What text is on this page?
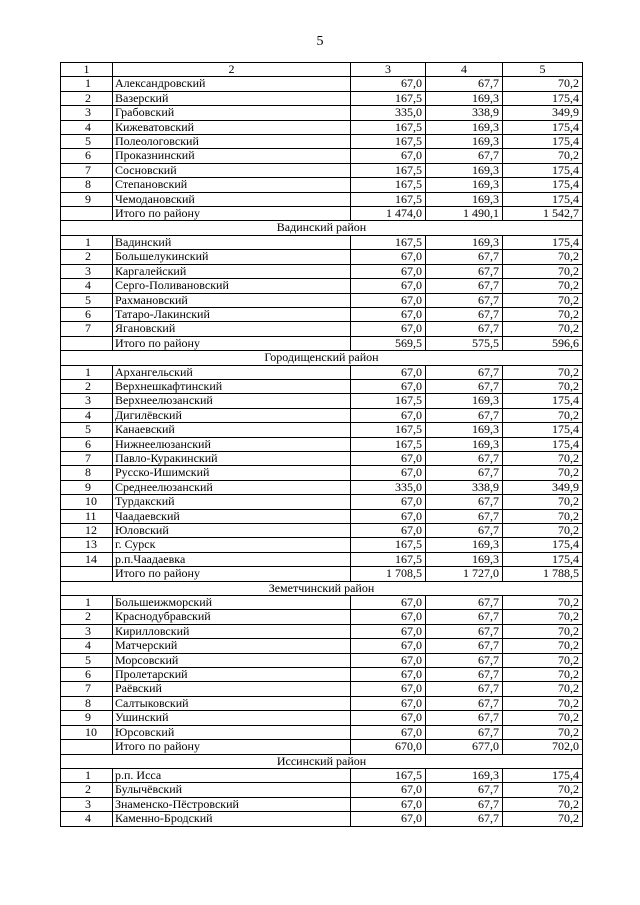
5
1	2	3	4	5
1	Александровский	67,0	67,7	70,2
2	Вазерский	167,5	169,3	175,4
3	Грабовский	335,0	338,9	349,9
4	Кижеватовский	167,5	169,3	175,4
5	Полеологовский	167,5	169,3	175,4
6	Проказнинский	67,0	67,7	70,2
7	Сосновский	167,5	169,3	175,4
8	Степановский	167,5	169,3	175,4
9	Чемодановский	167,5	169,3	175,4
	Итого по району	1 474,0	1 490,1	1 542,7
Вадинский район				
1	Вадинский	167,5	169,3	175,4
2	Большелукинский	67,0	67,7	70,2
3	Каргалейский	67,0	67,7	70,2
4	Серго-Поливановский	67,0	67,7	70,2
5	Рахмановский	67,0	67,7	70,2
6	Татаро-Лакинский	67,0	67,7	70,2
7	Ягановский	67,0	67,7	70,2
	Итого по району	569,5	575,5	596,6
Городищенский район				
1	Архангельский	67,0	67,7	70,2
2	Верхнешкафтинский	67,0	67,7	70,2
3	Верхнеелюзанский	167,5	169,3	175,4
4	Дигилёвский	67,0	67,7	70,2
5	Канаевский	167,5	169,3	175,4
6	Нижнеелюзанский	167,5	169,3	175,4
7	Павло-Куракинский	67,0	67,7	70,2
8	Русско-Ишимский	67,0	67,7	70,2
9	Среднеелюзанский	335,0	338,9	349,9
10	Турдакский	67,0	67,7	70,2
11	Чаадаевский	67,0	67,7	70,2
12	Юловский	67,0	67,7	70,2
13	г. Сурск	167,5	169,3	175,4
14	р.п.Чаадаевка	167,5	169,3	175,4
	Итого по району	1 708,5	1 727,0	1 788,5
Земетчинский район				
1	Большеижморский	67,0	67,7	70,2
2	Краснодубравский	67,0	67,7	70,2
3	Кирилловский	67,0	67,7	70,2
4	Матчерский	67,0	67,7	70,2
5	Морсовский	67,0	67,7	70,2
6	Пролетарский	67,0	67,7	70,2
7	Раёвский	67,0	67,7	70,2
8	Салтыковский	67,0	67,7	70,2
9	Ушинский	67,0	67,7	70,2
10	Юрсовский	67,0	67,7	70,2
	Итого по району	670,0	677,0	702,0
Иссинский район				
1	р.п. Исса	167,5	169,3	175,4
2	Булычёвский	67,0	67,7	70,2
3	Знаменско-Пёстровский	67,0	67,7	70,2
4	Каменно-Бродский	67,0	67,7	70,2
